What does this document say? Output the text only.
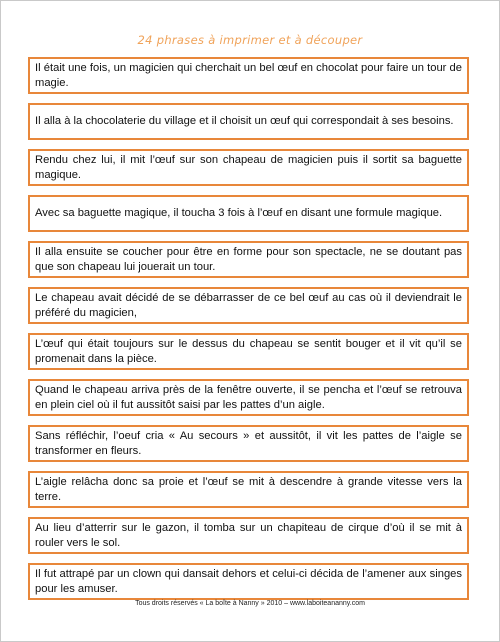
24 phrases à imprimer et à découper
Il était une fois, un magicien qui cherchait un bel œuf en chocolat pour faire un tour de magie.
Il alla à la chocolaterie du village et il choisit un œuf qui correspondait à ses besoins.
Rendu chez lui, il mit l’œuf sur son chapeau de magicien puis il sortit sa baguette magique.
Avec sa baguette magique, il toucha 3 fois à l’œuf en disant une formule magique.
Il alla ensuite se coucher pour être en forme pour son spectacle, ne se doutant pas que son chapeau lui jouerait un tour.
Le chapeau avait décidé de se débarrasser de ce bel œuf au cas où il deviendrait le préféré du magicien,
L’œuf qui était toujours sur le dessus du chapeau se sentit bouger et il vit qu’il se promenait dans la pièce.
Quand le chapeau arriva près de la fenêtre ouverte, il se pencha et l’œuf se retrouva en plein ciel où il fut aussitôt saisi par les pattes d’un aigle.
Sans réfléchir, l’oeuf cria « Au secours » et aussitôt, il vit les pattes de l’aigle se transformer en fleurs.
L’aigle relâcha donc sa proie et l’œuf se mit à descendre à grande vitesse vers la terre.
Au lieu d’atterrir sur le gazon, il tomba sur un chapiteau de cirque d’où il se mit à rouler vers le sol.
Il fut attrapé par un clown qui dansait dehors et celui-ci décida de l’amener aux singes pour les amuser.
Tous droits réservés « La boîte à Nanny » 2010 – www.laboiteananny.com
